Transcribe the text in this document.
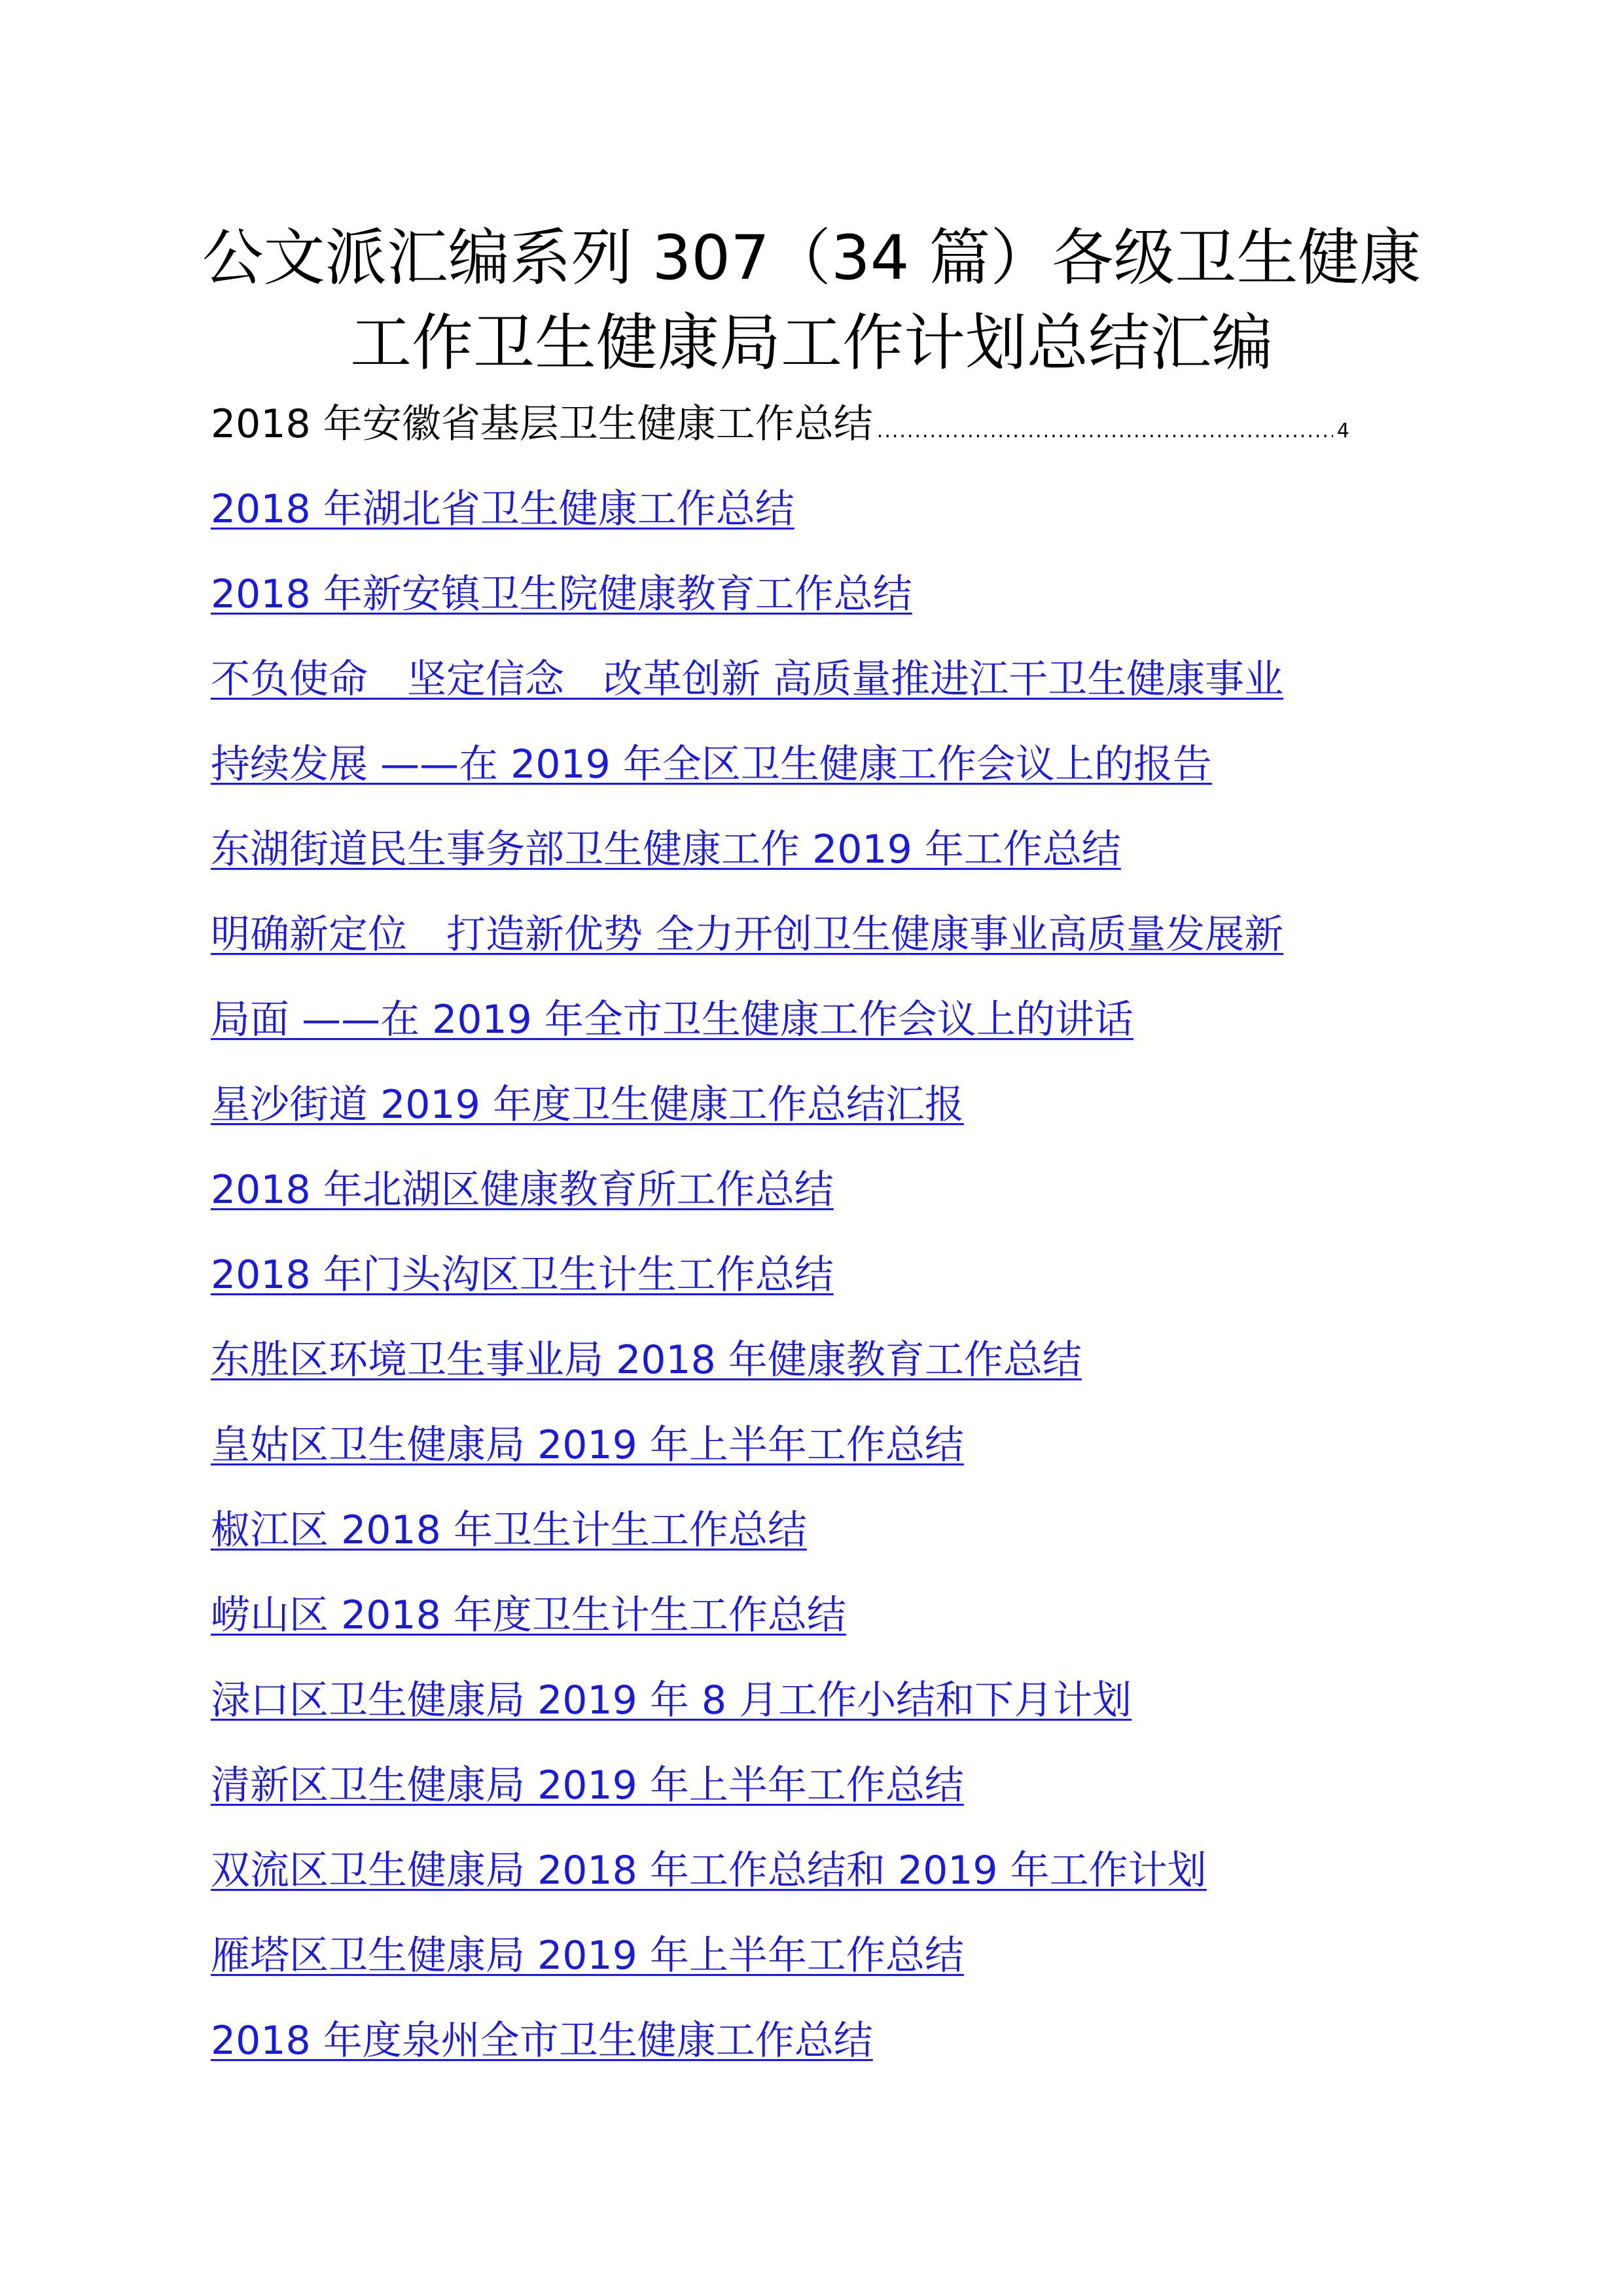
公文派汇编系列 307（34 篇）各级卫生健康
工作卫生健康局工作计划总结汇编
2018 年安徽省基层卫生健康工作总结
.....	4
2018 年湖北省卫生健康工作总结
2018 年新安镇卫生院健康教育工作总结
不负使命　坚定信念　改革创新 高质量推进江干卫生健康事业
持续发展 ——在 2019 年全区卫生健康工作会议上的报告
东湖街道民生事务部卫生健康工作 2019 年工作总结
明确新定位　打造新优势 全力开创卫生健康事业高质量发展新
局面 ——在 2019 年全市卫生健康工作会议上的讲话
星沙街道 2019 年度卫生健康工作总结汇报
2018 年北湖区健康教育所工作总结
2018 年门头沟区卫生计生工作总结
东胜区环境卫生事业局 2018 年健康教育工作总结
皇姑区卫生健康局 2019 年上半年工作总结
椒江区 2018 年卫生计生工作总结
崂山区 2018 年度卫生计生工作总结
渌口区卫生健康局 2019 年 8 月工作小结和下月计划
清新区卫生健康局 2019 年上半年工作总结
双流区卫生健康局 2018 年工作总结和 2019 年工作计划
雁塔区卫生健康局 2019 年上半年工作总结
2018 年度泉州全市卫生健康工作总结
